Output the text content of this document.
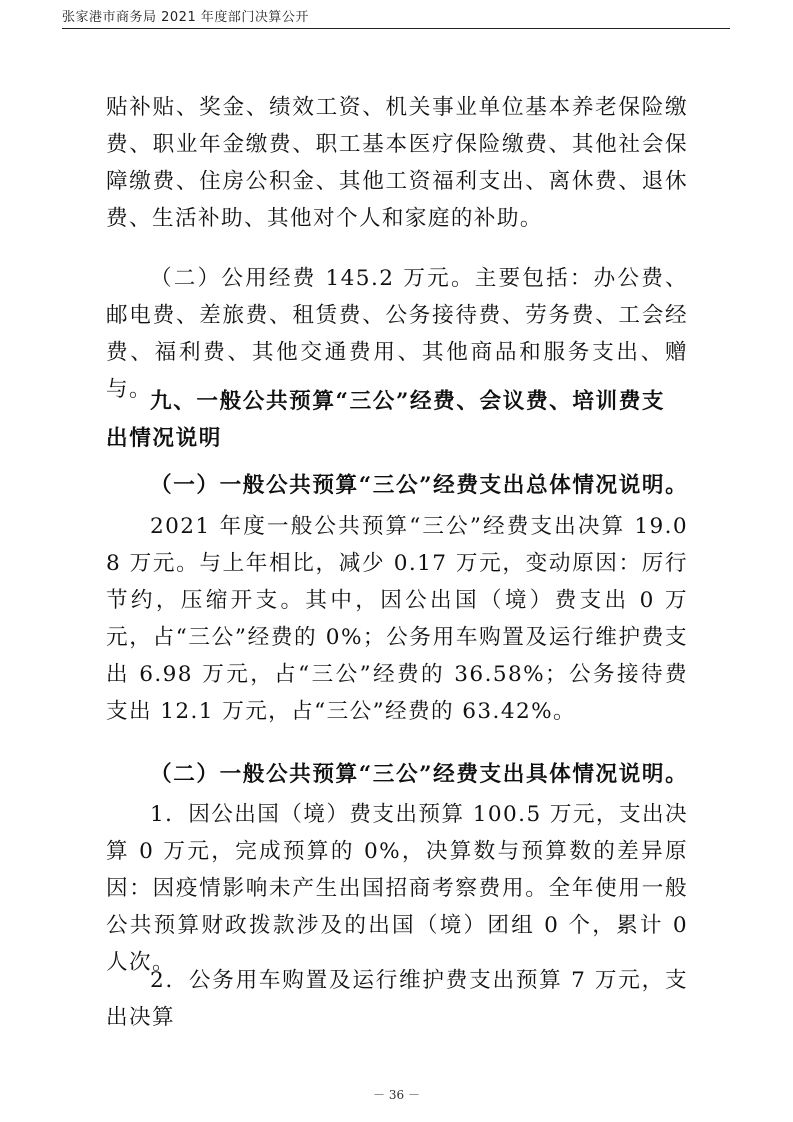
张家港市商务局 2021 年度部门决算公开

贴补贴、奖金、绩效工资、机关事业单位基本养老保险缴费、职业年金缴费、职工基本医疗保险缴费、其他社会保障缴费、住房公积金、其他工资福利支出、离休费、退休费、生活补助、其他对个人和家庭的补助。

（二）公用经费 145.2 万元。主要包括：办公费、邮电费、差旅费、租赁费、公务接待费、劳务费、工会经费、福利费、其他交通费用、其他商品和服务支出、赠与。

九、一般公共预算“三公”经费、会议费、培训费支出情况说明
（一）一般公共预算“三公”经费支出总体情况说明。

2021 年度一般公共预算“三公”经费支出决算 19.08 万元。与上年相比，减少 0.17 万元，变动原因：厉行节约，压缩开支。其中，因公出国（境）费支出 0 万元，占“三公”经费的 0%；公务用车购置及运行维护费支出 6.98 万元，占“三公”经费的 36.58%；公务接待费支出 12.1 万元，占“三公”经费的 63.42%。

（二）一般公共预算“三公”经费支出具体情况说明。

1．因公出国（境）费支出预算 100.5 万元，支出决算 0 万元，完成预算的 0%，决算数与预算数的差异原因：因疫情影响未产生出国招商考察费用。全年使用一般公共预算财政拨款涉及的出国（境）团组 0 个，累计 0 人次。

2．公务用车购置及运行维护费支出预算 7 万元，支出决算

－ 36 －
